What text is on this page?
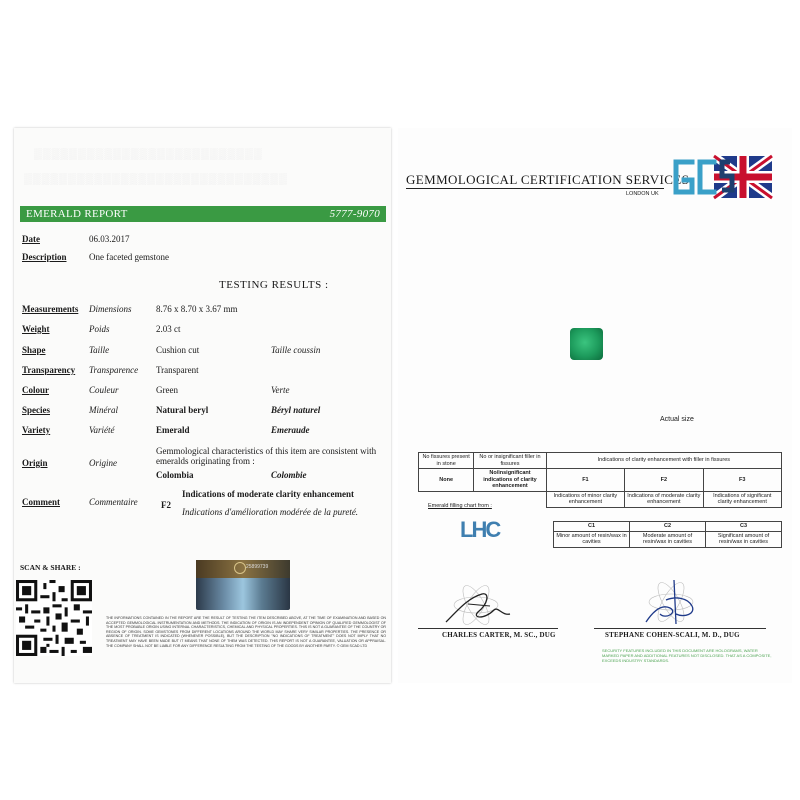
▒▒▒▒▒▒▒▒▒▒▒▒▒▒▒▒▒▒▒▒▒▒▒▒▒▒
▒▒▒▒▒▒▒▒▒▒▒▒▒▒▒▒▒▒▒▒▒▒▒▒▒▒▒▒▒▒
EMERALD REPORT	5777-9070
Date	06.03.2017
Description	One faceted gemstone
TESTING RESULTS :
Measurements Dimensions	8.76 x 8.70 x 3.67 mm
Weight	Poids	2.03 ct
Shape	Taille	Cushion cut	Taille coussin
Transparency Transparence Transparent
Colour	Couleur	Green	Verte
Species	Minéral	Natural beryl	Béryl naturel
Variety	Variété	Emerald	Emeraude
Origin	Origine
Gemmological characteristics of this item are consistent with emeralds originating from :
Colombia	Colombie
Comment	Commentaire	F2
Indications of moderate clarity enhancement
Indications d'amélioration modérée de la pureté.
SCAN & SHARE :	25899739
THE INFORMATIONS CONTAINED IN THE REPORT ARE THE RESULT OF TESTING THE ITEM DESCRIBED ABOVE, AT THE TIME OF EXAMINATION AND BASED ON ACCEPTED GEMMOLOGICAL INSTRUMENTATION AND METHODS. THE INDICATION OF ORIGIN IS AN INDEPENDENT OPINION OF QUALIFIED GEMMOLOGIST OF THE MOST PROBABLE ORIGIN USING INTERNAL CHARACTERISTICS, CHEMICAL AND PHYSICAL PROPERTIES. THIS IS NOT A GUARANTEE OF THE COUNTRY OR REGION OF ORIGIN. SOME GEMSTONES FROM DIFFERENT LOCATIONS AROUND THE WORLD MAY SHARE VERY SIMILAR PROPERTIES. THE PRESENCE OR ABSENCE OF TREATMENT IS INDICATED (WHENEVER POSSIBLE), BUT THE DESCRIPTION "NO INDICATIONS OF TREATMENT" DOES NOT IMPLY THAT NO TREATMENT MAY HAVE BEEN MADE BUT IT MEANS THAT NONE OF THEM WAS DETECTED. THIS REPORT IS NOT A GUARANTEE, VALUATION OR APPRAISAL. THE COMPANY SHALL NOT BE LIABLE FOR ANY DIFFERENCE RESULTING FROM THE TESTING OF THE GOODS BY ANOTHER PARTY. © GEM SCAD LTD
GEMMOLOGICAL CERTIFICATION SERVICES
LONDON UK
Actual size
No fissures present in stone	No or insignificant filler in fissures	Indications of clarity enhancement with filler in fissures		
None	No/insignificant indications of clarity enhancement	F1	F2	F3
		Indications of minor clarity enhancement	Indications of moderate clarity enhancement	Indications of significant clarity enhancement
Emerald filling chart from :
LHC	C1	C2	C3
Minor amount of resin/wax in cavities	Moderate amount of resin/wax in cavities	Significant amount of resin/wax in cavities
CHARLES CARTER, M. SC., DUG	STEPHANE COHEN-SCALI, M. D., DUG
SECURITY FEATURES INCLUDED IN THIS DOCUMENT ARE HOLOGRAMS, WATER MARKED PAPER AND ADDITIONAL FEATURES NOT DISCLOSED. THAT AS A COMPOSITE, EXCEEDS INDUSTRY STANDARDS.
